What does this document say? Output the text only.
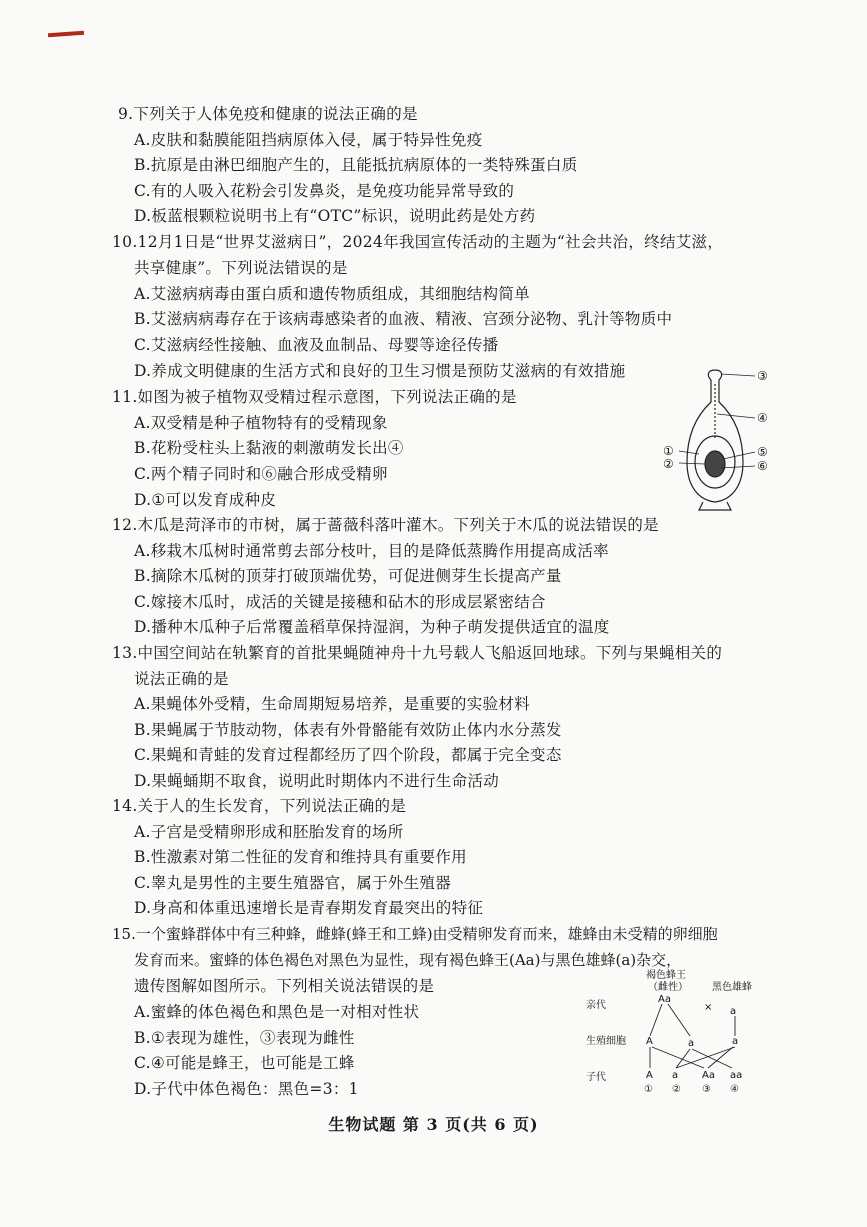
9.下列关于人体免疫和健康的说法正确的是
A.皮肤和黏膜能阻挡病原体入侵，属于特异性免疫
B.抗原是由淋巴细胞产生的，且能抵抗病原体的一类特殊蛋白质
C.有的人吸入花粉会引发鼻炎，是免疫功能异常导致的
D.板蓝根颗粒说明书上有“OTC”标识，说明此药是处方药
10.12月1日是“世界艾滋病日”，2024年我国宣传活动的主题为“社会共治，终结艾滋，
共享健康”。下列说法错误的是
A.艾滋病病毒由蛋白质和遗传物质组成，其细胞结构简单
B.艾滋病病毒存在于该病毒感染者的血液、精液、宫颈分泌物、乳汁等物质中
C.艾滋病经性接触、血液及血制品、母婴等途径传播
D.养成文明健康的生活方式和良好的卫生习惯是预防艾滋病的有效措施
11.如图为被子植物双受精过程示意图，下列说法正确的是
A.双受精是种子植物特有的受精现象
B.花粉受柱头上黏液的刺激萌发长出④
C.两个精子同时和⑥融合形成受精卵
D.①可以发育成种皮
①
②
③
④
⑤
⑥
12.木瓜是菏泽市的市树，属于蔷薇科落叶灌木。下列关于木瓜的说法错误的是
A.移栽木瓜树时通常剪去部分枝叶，目的是降低蒸腾作用提高成活率
B.摘除木瓜树的顶芽打破顶端优势，可促进侧芽生长提高产量
C.嫁接木瓜时，成活的关键是接穗和砧木的形成层紧密结合
D.播种木瓜种子后常覆盖稻草保持湿润，为种子萌发提供适宜的温度
13.中国空间站在轨繁育的首批果蝇随神舟十九号载人飞船返回地球。下列与果蝇相关的
说法正确的是
A.果蝇体外受精，生命周期短易培养，是重要的实验材料
B.果蝇属于节肢动物，体表有外骨骼能有效防止体内水分蒸发
C.果蝇和青蛙的发育过程都经历了四个阶段，都属于完全变态
D.果蝇蛹期不取食，说明此时期体内不进行生命活动
14.关于人的生长发育，下列说法正确的是
A.子宫是受精卵形成和胚胎发育的场所
B.性激素对第二性征的发育和维持具有重要作用
C.睾丸是男性的主要生殖器官，属于外生殖器
D.身高和体重迅速增长是青春期发育最突出的特征
15.一个蜜蜂群体中有三种蜂，雌蜂(蜂王和工蜂)由受精卵发育而来，雄蜂由未受精的卵细胞
发育而来。蜜蜂的体色褐色对黑色为显性，现有褐色蜂王(Aa)与黑色雄蜂(a)杂交，
遗传图解如图所示。下列相关说法错误的是
A.蜜蜂的体色褐色和黑色是一对相对性状
B.①表现为雄性，③表现为雌性
C.④可能是蜂王，也可能是工蜂
D.子代中体色褐色：黑色=3：1
褐色蜂王
（雌性）
Aa
黑色雄蜂
a
×
亲代
生殖细胞
子代
A	a	a
A a Aa aa
① ② ③ ④
生物试题 第 3 页(共 6 页)
